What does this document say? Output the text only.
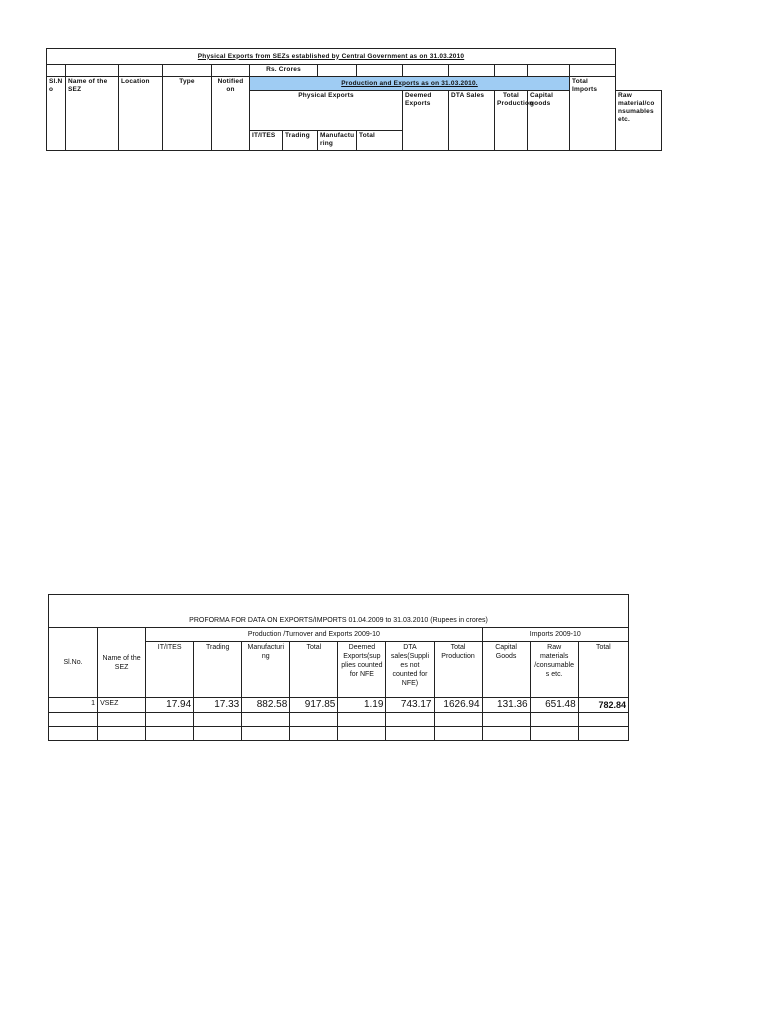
Physical Exports from SEZs established by Central Government as on 31.03.2010														
					Rs. Crores									
Sl.N o	Name of the SEZ	Location	Type	Notified on	Production and Exports as on 31.03.2010.								Total Imports	
					Physical Exports				Deemed Exports	DTA Sales	Total Production	Capital goods		Raw material/co nsumables etc.
					IT/ITES	Trading	Manufactu ring	Total						
PROFORMA FOR DATA ON EXPORTS/IMPORTS 01.04.2009 to 31.03.2010 (Rupees in crores)											
Sl.No.	Name of the SEZ	Production /Turnover and Exports 2009-10							Imports 2009-10		
		IT/ITES	Trading	Manufacturi ng	Total	Deemed Exports(sup plies counted for NFE	DTA sales(Suppli es not counted for NFE)	Total Production	Capital Goods	Raw materials /consumable s etc.	Total
1	VSEZ	17.94	17.33	882.58	917.85	1.19	743.17	1626.94	131.36	651.48	782.84
